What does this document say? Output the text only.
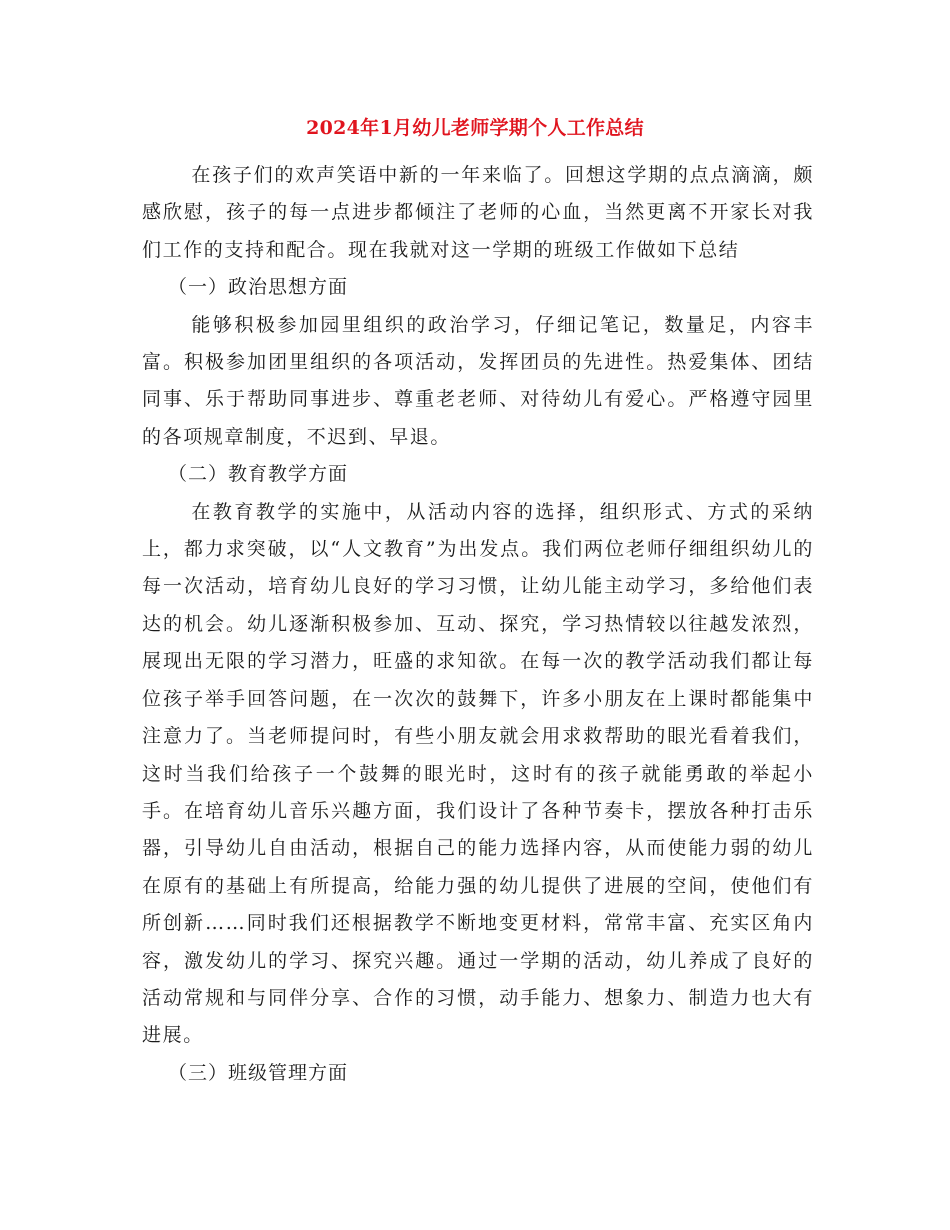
2024年1月幼儿老师学期个人工作总结

在孩子们的欢声笑语中新的一年来临了。回想这学期的点点滴滴，颇感欣慰，孩子的每一点进步都倾注了老师的心血，当然更离不开家长对我们工作的支持和配合。现在我就对这一学期的班级工作做如下总结

（一）政治思想方面

能够积极参加园里组织的政治学习，仔细记笔记，数量足，内容丰富。积极参加团里组织的各项活动，发挥团员的先进性。热爱集体、团结同事、乐于帮助同事进步、尊重老老师、对待幼儿有爱心。严格遵守园里的各项规章制度，不迟到、早退。

（二）教育教学方面

在教育教学的实施中，从活动内容的选择，组织形式、方式的采纳上，都力求突破，以“人文教育”为出发点。我们两位老师仔细组织幼儿的每一次活动，培育幼儿良好的学习习惯，让幼儿能主动学习，多给他们表达的机会。幼儿逐渐积极参加、互动、探究，学习热情较以往越发浓烈，展现出无限的学习潜力，旺盛的求知欲。在每一次的教学活动我们都让每位孩子举手回答问题，在一次次的鼓舞下，许多小朋友在上课时都能集中注意力了。当老师提问时，有些小朋友就会用求救帮助的眼光看着我们，这时当我们给孩子一个鼓舞的眼光时，这时有的孩子就能勇敢的举起小手。在培育幼儿音乐兴趣方面，我们设计了各种节奏卡，摆放各种打击乐器，引导幼儿自由活动，根据自己的能力选择内容，从而使能力弱的幼儿在原有的基础上有所提高，给能力强的幼儿提供了进展的空间，使他们有所创新……同时我们还根据教学不断地变更材料，常常丰富、充实区角内容，激发幼儿的学习、探究兴趣。通过一学期的活动，幼儿养成了良好的活动常规和与同伴分享、合作的习惯，动手能力、想象力、制造力也大有进展。

（三）班级管理方面
